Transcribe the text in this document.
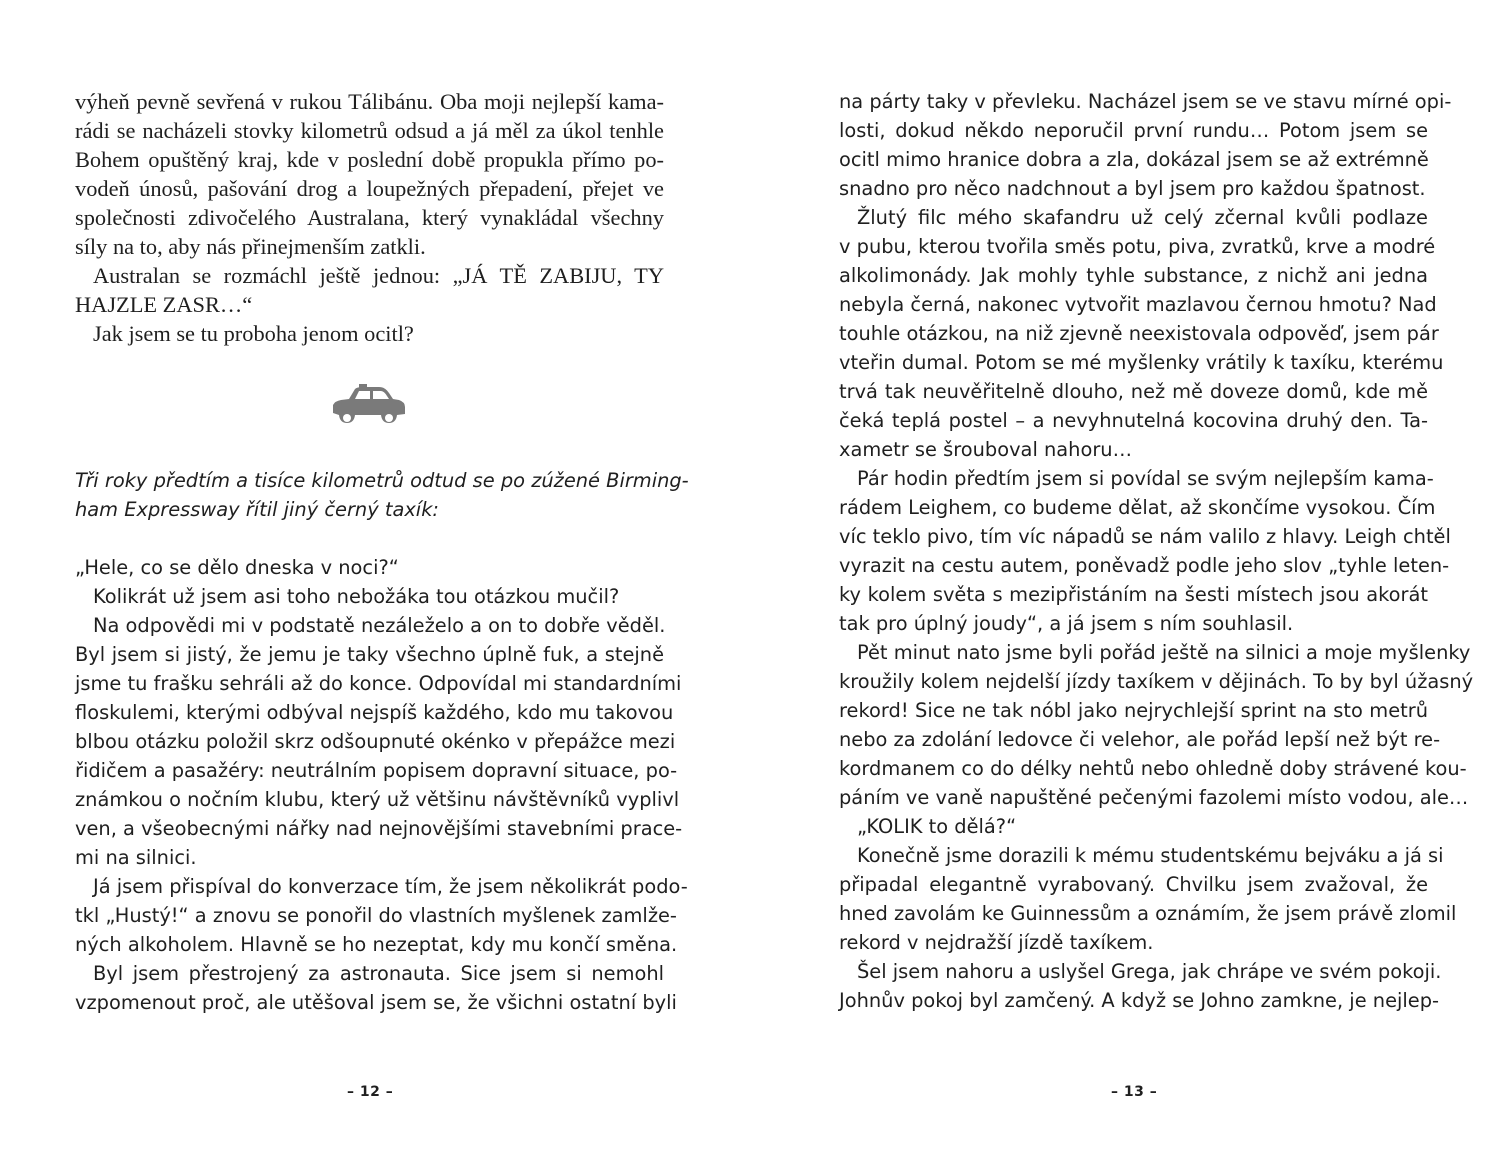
výheň pevně sevřená v rukou Tálibánu. Oba moji nejlepší kama-
rádi se nacházeli stovky kilometrů odsud a já měl za úkol tenhle
Bohem opuštěný kraj, kde v poslední době propukla přímo po-
vodeň únosů, pašování drog a loupežných přepadení, přejet ve
společnosti zdivočelého Australana, který vynakládal všechny
síly na to, aby nás přinejmenším zatkli.
Australan se rozmáchl ještě jednou: „JÁ TĚ ZABIJU, TY
HAJZLE ZASR…“
Jak jsem se tu proboha jenom ocitl?
Tři roky předtím a tisíce kilometrů odtud se po zúžené Birming-
ham Expressway řítil jiný černý taxík:
„Hele, co se dělo dneska v noci?“
Kolikrát už jsem asi toho nebožáka tou otázkou mučil?
Na odpovědi mi v podstatě nezáleželo a on to dobře věděl.
Byl jsem si jistý, že jemu je taky všechno úplně fuk, a stejně
jsme tu frašku sehráli až do konce. Odpovídal mi standardními
floskulemi, kterými odbýval nejspíš každého, kdo mu takovou
blbou otázku položil skrz odšoupnuté okénko v přepážce mezi
řidičem a pasažéry: neutrálním popisem dopravní situace, po-
známkou o nočním klubu, který už většinu návštěvníků vyplivl
ven, a všeobecnými nářky nad nejnovějšími stavebními prace-
mi na silnici.
Já jsem přispíval do konverzace tím, že jsem několikrát podo-
tkl „Hustý!“ a znovu se ponořil do vlastních myšlenek zamlže-
ných alkoholem. Hlavně se ho nezeptat, kdy mu končí směna.
Byl jsem přestrojený za astronauta. Sice jsem si nemohl
vzpomenout proč, ale utěšoval jsem se, že všichni ostatní byli
– 12 –
na párty taky v převleku. Nacházel jsem se ve stavu mírné opi-
losti, dokud někdo neporučil první rundu… Potom jsem se
ocitl mimo hranice dobra a zla, dokázal jsem se až extrémně
snadno pro něco nadchnout a byl jsem pro každou špatnost.
Žlutý filc mého skafandru už celý zčernal kvůli podlaze
v pubu, kterou tvořila směs potu, piva, zvratků, krve a modré
alkolimonády. Jak mohly tyhle substance, z nichž ani jedna
nebyla černá, nakonec vytvořit mazlavou černou hmotu? Nad
touhle otázkou, na niž zjevně neexistovala odpověď, jsem pár
vteřin dumal. Potom se mé myšlenky vrátily k taxíku, kterému
trvá tak neuvěřitelně dlouho, než mě doveze domů, kde mě
čeká teplá postel – a nevyhnutelná kocovina druhý den. Ta-
xametr se šrouboval nahoru…
Pár hodin předtím jsem si povídal se svým nejlepším kama-
rádem Leighem, co budeme dělat, až skončíme vysokou. Čím
víc teklo pivo, tím víc nápadů se nám valilo z hlavy. Leigh chtěl
vyrazit na cestu autem, poněvadž podle jeho slov „tyhle leten-
ky kolem světa s mezipřistáním na šesti místech jsou akorát
tak pro úplný joudy“, a já jsem s ním souhlasil.
Pět minut nato jsme byli pořád ještě na silnici a moje myšlenky
kroužily kolem nejdelší jízdy taxíkem v dějinách. To by byl úžasný
rekord! Sice ne tak nóbl jako nejrychlejší sprint na sto metrů
nebo za zdolání ledovce či velehor, ale pořád lepší než být re-
kordmanem co do délky nehtů nebo ohledně doby strávené kou-
páním ve vaně napuštěné pečenými fazolemi místo vodou, ale…
„KOLIK to dělá?“
Konečně jsme dorazili k mému studentskému bejváku a já si
připadal elegantně vyrabovaný. Chvilku jsem zvažoval, že
hned zavolám ke Guinnessům a oznámím, že jsem právě zlomil
rekord v nejdražší jízdě taxíkem.
Šel jsem nahoru a uslyšel Grega, jak chrápe ve svém pokoji.
Johnův pokoj byl zamčený. A když se Johno zamkne, je nejlep-
– 13 –
